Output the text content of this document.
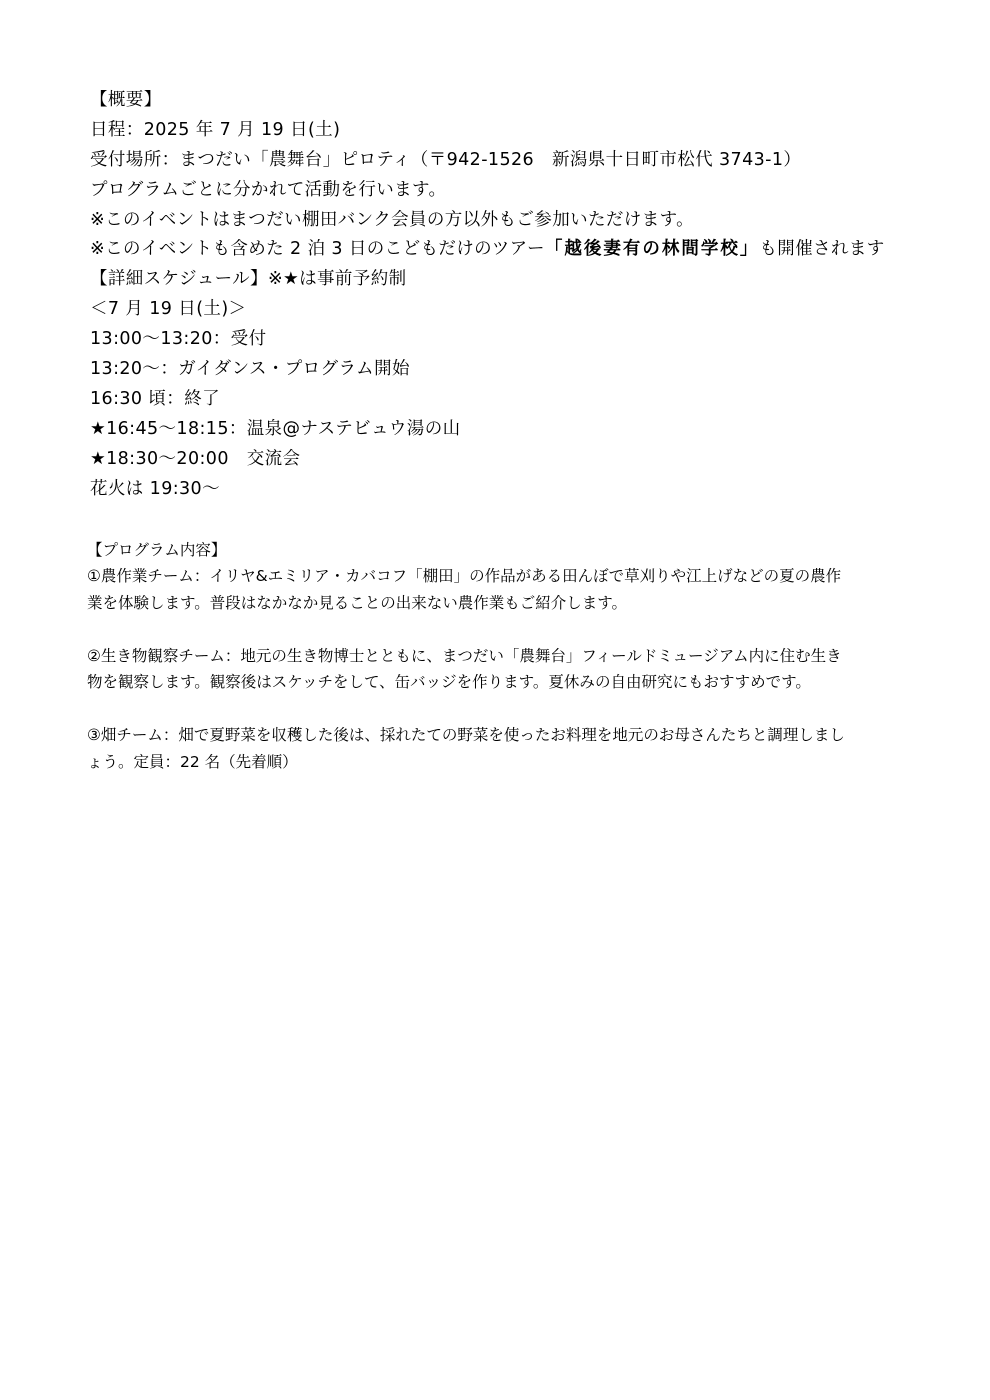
【概要】
日程：2025 年 7 月 19 日(土)
受付場所：まつだい「農舞台」ピロティ（〒942-1526　新潟県十日町市松代 3743-1）
プログラムごとに分かれて活動を行います。
※このイベントはまつだい棚田バンク会員の方以外もご参加いただけます。
※このイベントも含めた 2 泊 3 日のこどもだけのツアー「越後妻有の林間学校」も開催されます
【詳細スケジュール】※★は事前予約制
＜7 月 19 日(土)＞
13:00～13:20：受付
13:20～：ガイダンス・プログラム開始
16:30 頃：終了
★16:45～18:15：温泉@ナステビュウ湯の山
★18:30～20:00　交流会
花火は 19:30～
【プログラム内容】
①農作業チーム：イリヤ&エミリア・カバコフ「棚田」の作品がある田んぼで草刈りや江上げなどの夏の農作
業を体験します。普段はなかなか見ることの出来ない農作業もご紹介します。
②生き物観察チーム：地元の生き物博士とともに、まつだい「農舞台」フィールドミュージアム内に住む生き
物を観察します。観察後はスケッチをして、缶バッジを作ります。夏休みの自由研究にもおすすめです。
③畑チーム：畑で夏野菜を収穫した後は、採れたての野菜を使ったお料理を地元のお母さんたちと調理しまし
ょう。定員：22 名（先着順）
